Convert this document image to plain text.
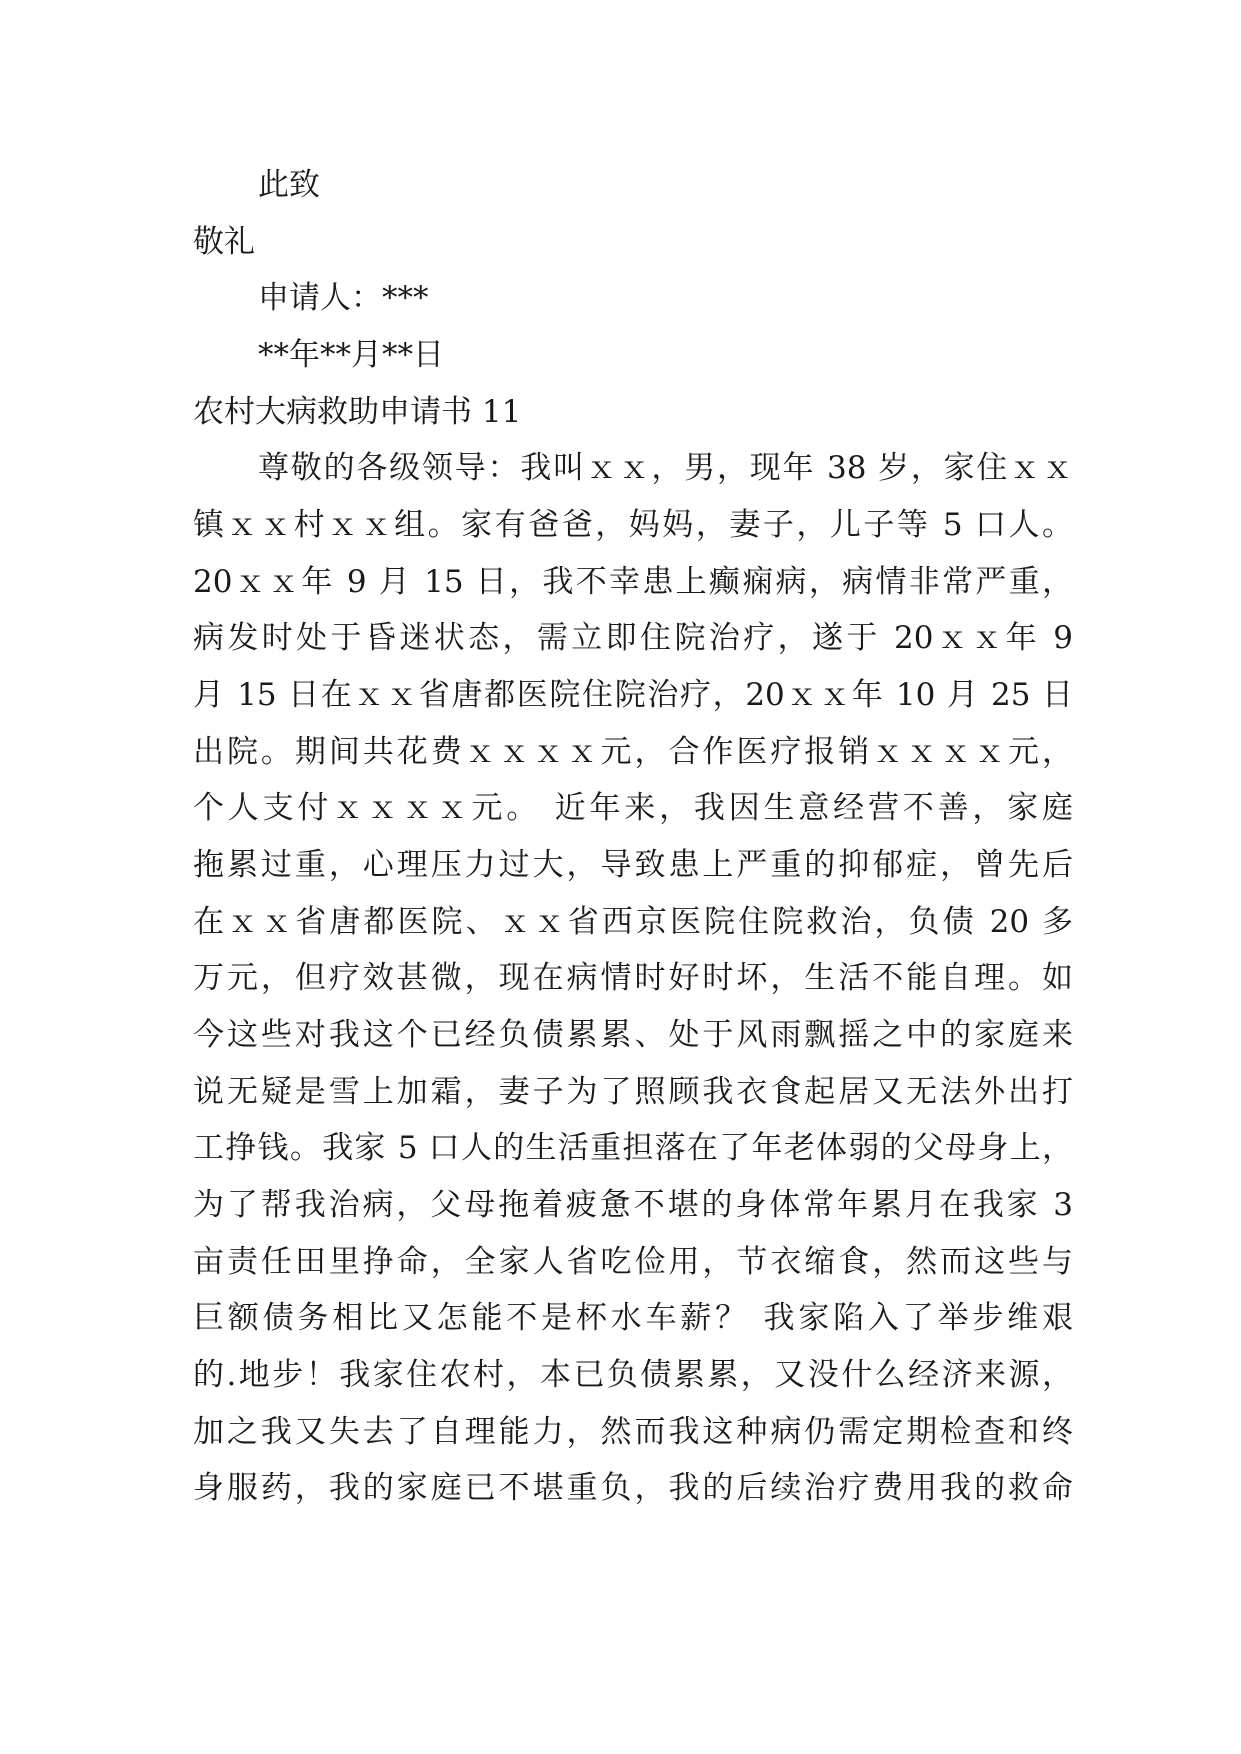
此致
敬礼
申请人：***
**年**月**日
农村大病救助申请书 11
尊敬的各级领导：我叫ｘｘ，男，现年 38 岁，家住ｘｘ
镇ｘｘ村ｘｘ组。家有爸爸，妈妈，妻子，儿子等 5 口人。
20ｘｘ年 9 月 15 日，我不幸患上癫痫病，病情非常严重，
病发时处于昏迷状态，需立即住院治疗，遂于 20ｘｘ年 9
月 15 日在ｘｘ省唐都医院住院治疗，20ｘｘ年 10 月 25 日
出院。期间共花费ｘｘｘｘ元，合作医疗报销ｘｘｘｘ元，
个人支付ｘｘｘｘ元。 近年来，我因生意经营不善，家庭
拖累过重，心理压力过大，导致患上严重的抑郁症，曾先后
在ｘｘ省唐都医院、ｘｘ省西京医院住院救治，负债 20 多
万元，但疗效甚微，现在病情时好时坏，生活不能自理。如
今这些对我这个已经负债累累、处于风雨飘摇之中的家庭来
说无疑是雪上加霜，妻子为了照顾我衣食起居又无法外出打
工挣钱。我家 5 口人的生活重担落在了年老体弱的父母身上，
为了帮我治病，父母拖着疲惫不堪的身体常年累月在我家 3
亩责任田里挣命，全家人省吃俭用，节衣缩食，然而这些与
巨额债务相比又怎能不是杯水车薪？ 我家陷入了举步维艰
的.地步！我家住农村，本已负债累累，又没什么经济来源，
加之我又失去了自理能力，然而我这种病仍需定期检查和终
身服药，我的家庭已不堪重负，我的后续治疗费用我的救命
